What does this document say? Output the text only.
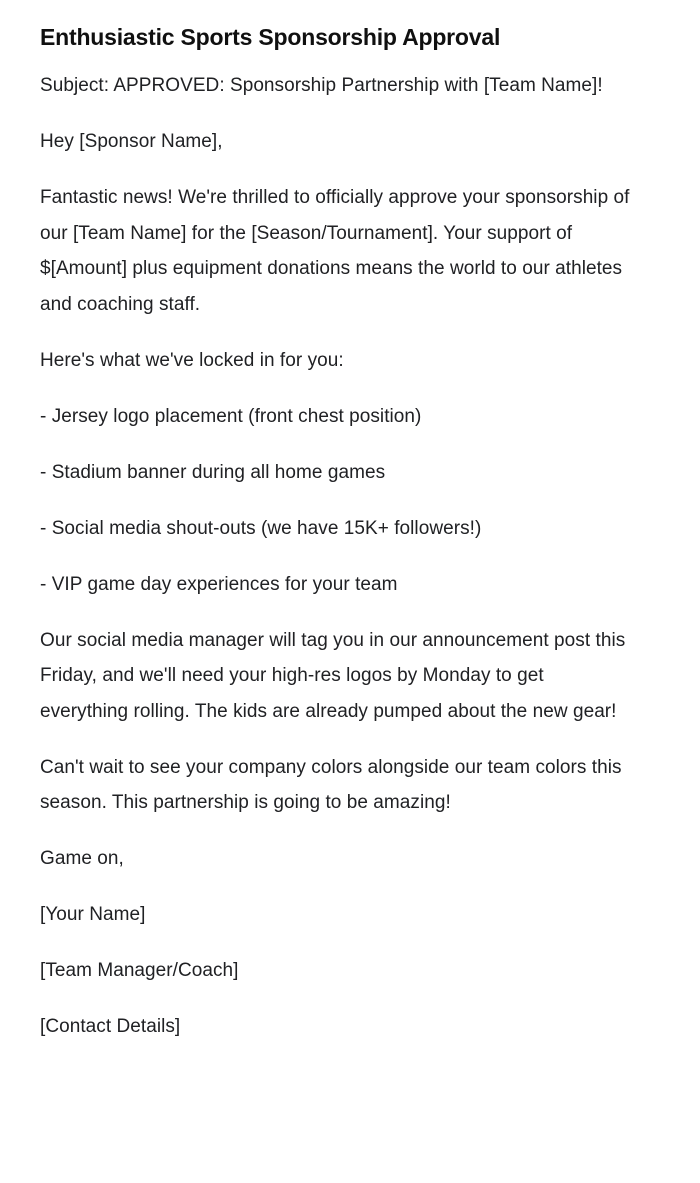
Enthusiastic Sports Sponsorship Approval

Subject: APPROVED: Sponsorship Partnership with [Team Name]!

Hey [Sponsor Name],

Fantastic news! We're thrilled to officially approve your sponsorship of our [Team Name] for the [Season/Tournament]. Your support of $[Amount] plus equipment donations means the world to our athletes and coaching staff.

Here's what we've locked in for you:

- Jersey logo placement (front chest position)

- Stadium banner during all home games

- Social media shout-outs (we have 15K+ followers!)

- VIP game day experiences for your team

Our social media manager will tag you in our announcement post this Friday, and we'll need your high-res logos by Monday to get everything rolling. The kids are already pumped about the new gear!

Can't wait to see your company colors alongside our team colors this season. This partnership is going to be amazing!

Game on,

[Your Name]

[Team Manager/Coach]

[Contact Details]
